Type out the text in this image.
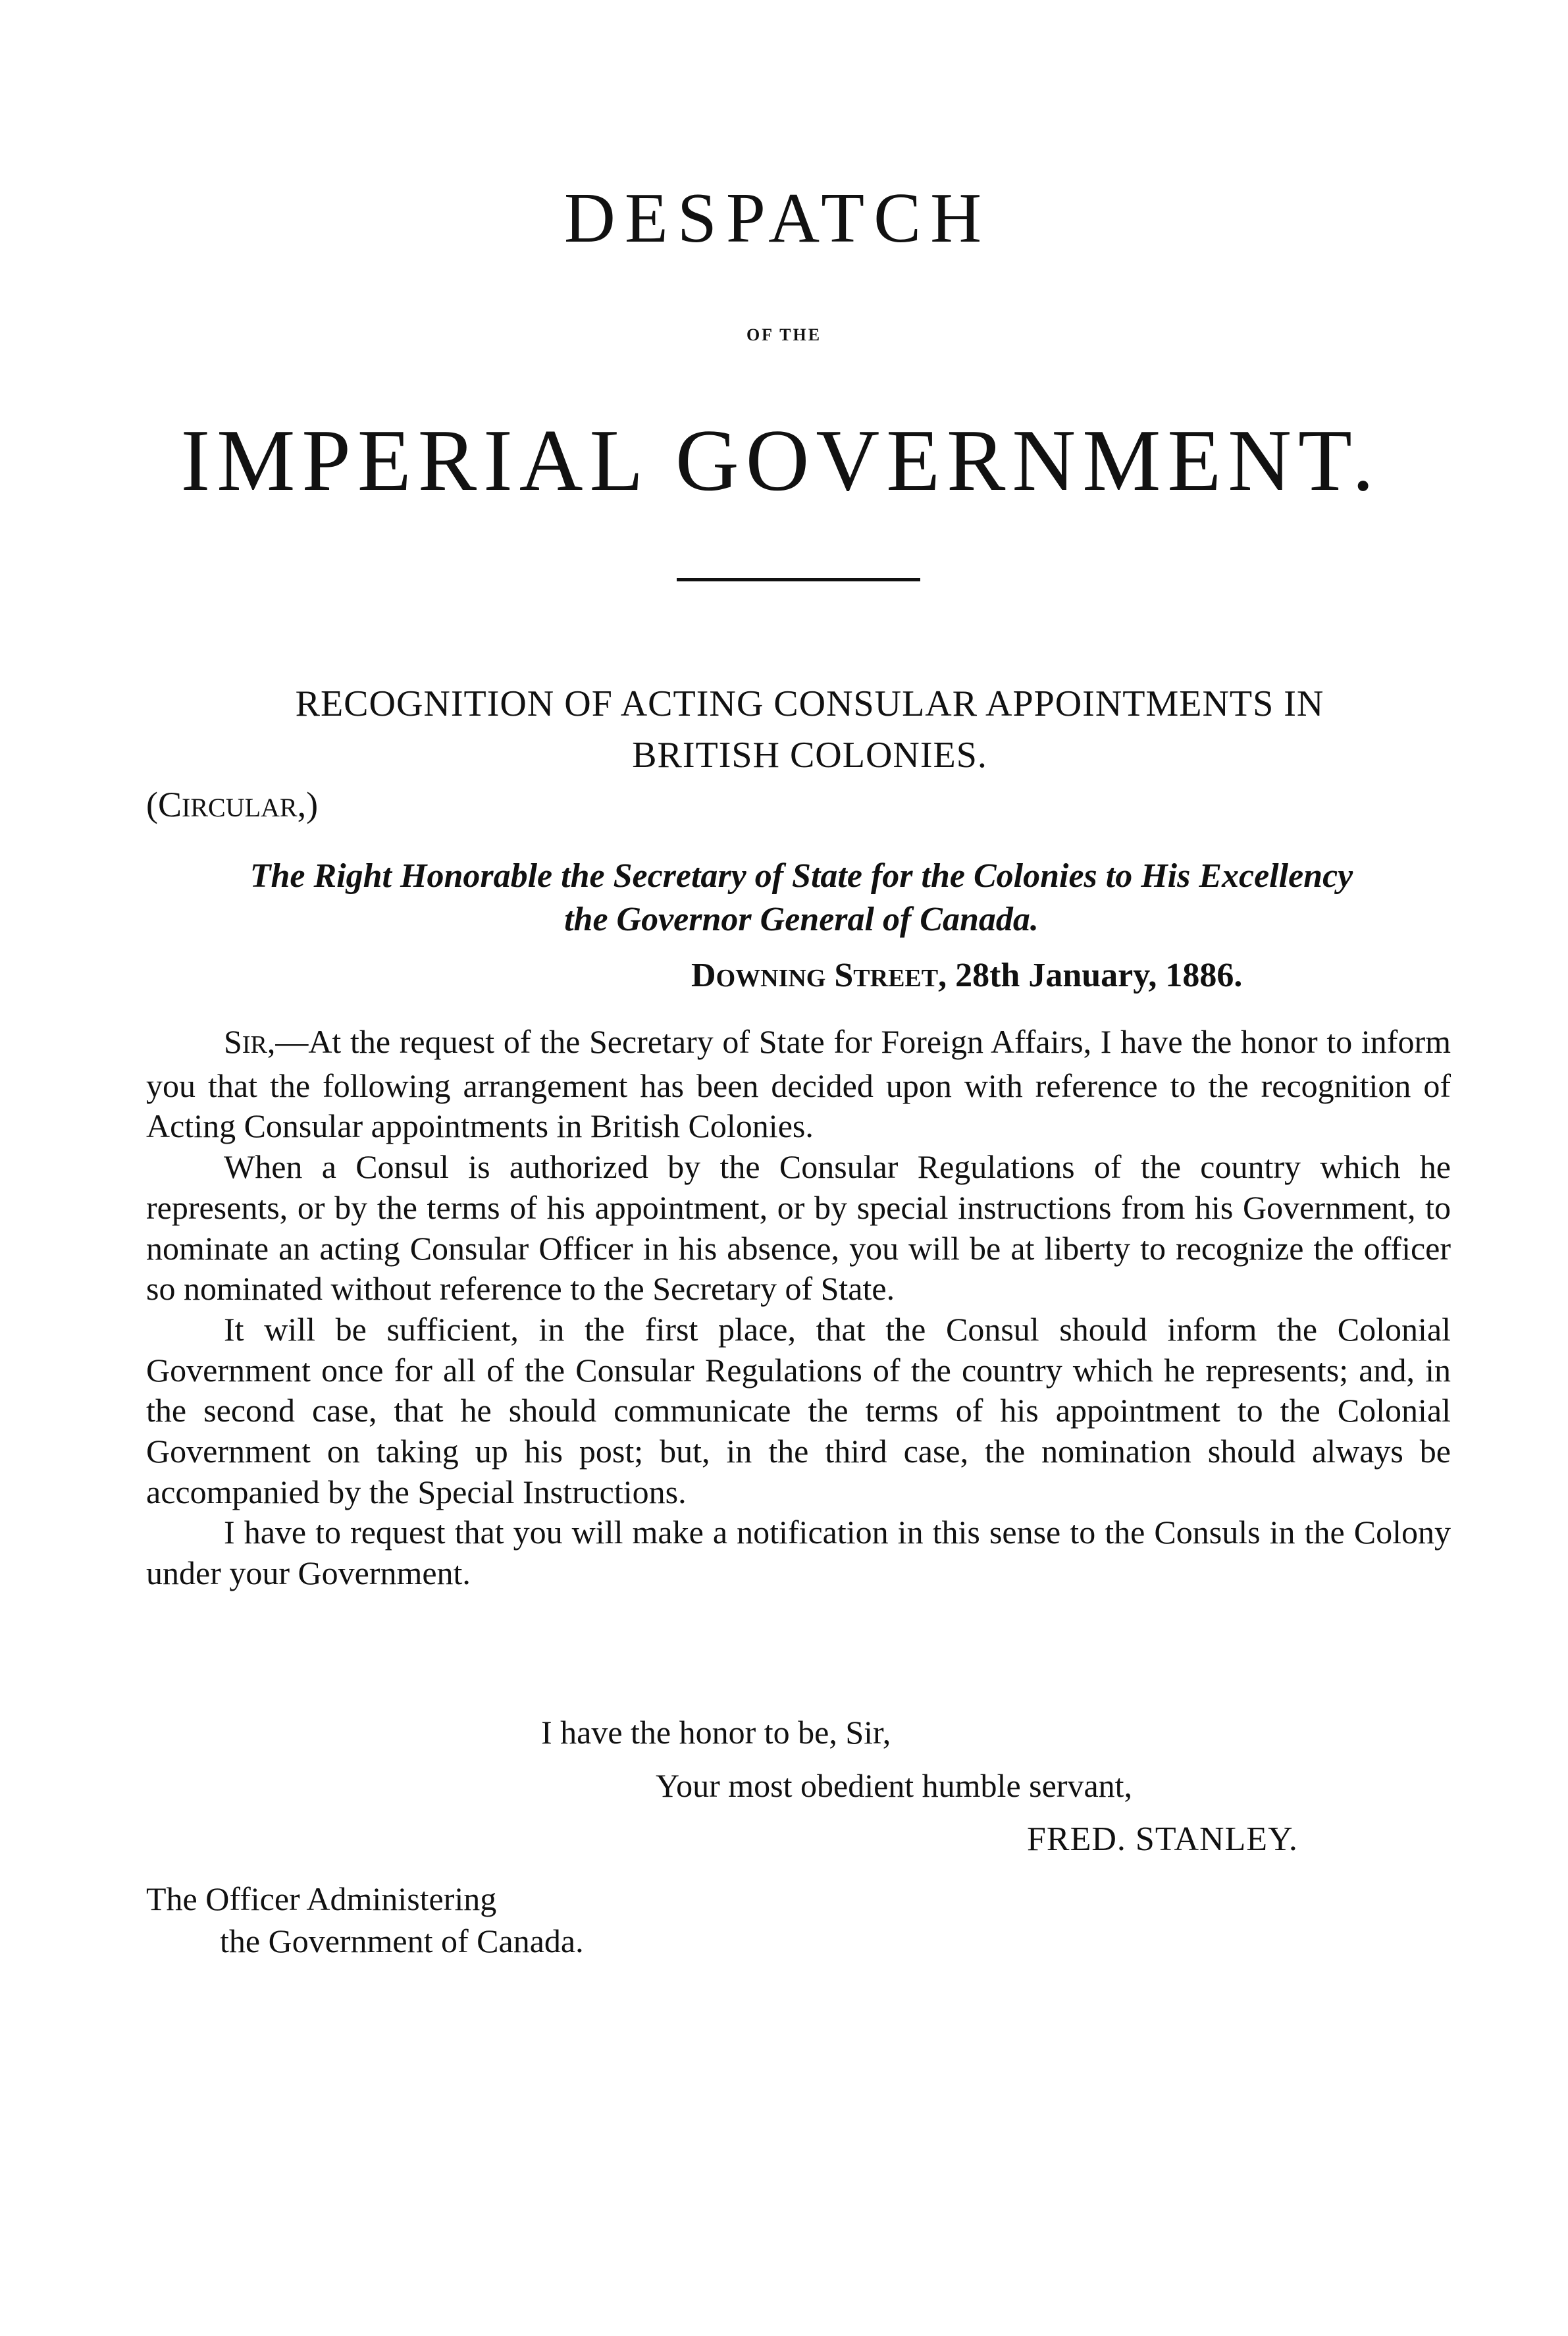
DESPATCH
OF THE
IMPERIAL GOVERNMENT.
RECOGNITION OF ACTING CONSULAR APPOINTMENTS IN
BRITISH COLONIES.
(CIRCULAR,)
The Right Honorable the Secretary of State for the Colonies to His Excellency
the Governor General of Canada.
DOWNING STREET, 28th January, 1886.

SIR,—At the request of the Secretary of State for Foreign Affairs, I have the honor to inform you that the following arrangement has been decided upon with reference to the recognition of Acting Consular appointments in British Colonies.

When a Consul is authorized by the Consular Regulations of the country which he represents, or by the terms of his appointment, or by special instructions from his Government, to nominate an acting Consular Officer in his absence, you will be at liberty to recognize the officer so nominated without reference to the Secretary of State.

It will be sufficient, in the first place, that the Consul should inform the Colonial Government once for all of the Consular Regulations of the country which he represents; and, in the second case, that he should communicate the terms of his appointment to the Colonial Government on taking up his post; but, in the third case, the nomination should always be accompanied by the Special Instructions.

I have to request that you will make a notification in this sense to the Consuls in the Colony under your Government.

I have the honor to be, Sir,
Your most obedient humble servant,
FRED. STANLEY.
The Officer Administering
the Government of Canada.
